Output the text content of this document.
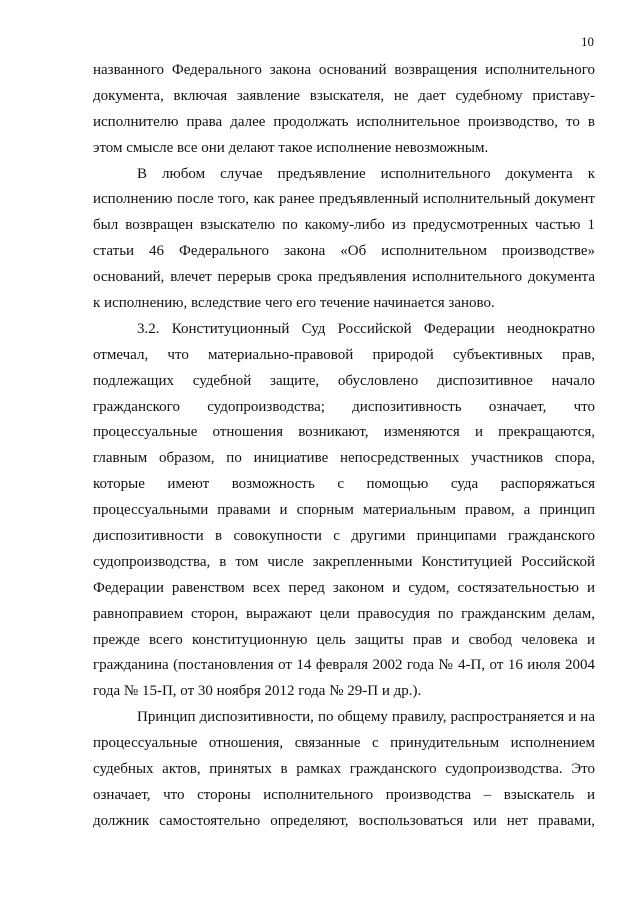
10
названного Федерального закона оснований возвращения исполнительного
документа, включая заявление взыскателя, не дает судебному приставу-
исполнителю права далее продолжать исполнительное производство, то в
этом смысле все они делают такое исполнение невозможным.
В любом случае предъявление исполнительного документа к
исполнению после того, как ранее предъявленный исполнительный документ
был возвращен взыскателю по какому-либо из предусмотренных частью 1
статьи 46 Федерального закона «Об исполнительном производстве»
оснований, влечет перерыв срока предъявления исполнительного документа
к исполнению, вследствие чего его течение начинается заново.
3.2. Конституционный Суд Российской Федерации неоднократно
отмечал, что материально-правовой природой субъективных прав,
подлежащих судебной защите, обусловлено диспозитивное начало
гражданского судопроизводства; диспозитивность означает, что
процессуальные отношения возникают, изменяются и прекращаются,
главным образом, по инициативе непосредственных участников спора,
которые имеют возможность с помощью суда распоряжаться
процессуальными правами и спорным материальным правом, а принцип
диспозитивности в совокупности с другими принципами гражданского
судопроизводства, в том числе закрепленными Конституцией Российской
Федерации равенством всех перед законом и судом, состязательностью и
равноправием сторон, выражают цели правосудия по гражданским делам,
прежде всего конституционную цель защиты прав и свобод человека и
гражданина (постановления от 14 февраля 2002 года № 4-П, от 16 июля 2004
года № 15-П, от 30 ноября 2012 года № 29-П и др.).
Принцип диспозитивности, по общему правилу, распространяется и на
процессуальные отношения, связанные с принудительным исполнением
судебных актов, принятых в рамках гражданского судопроизводства. Это
означает, что стороны исполнительного производства – взыскатель и
должник самостоятельно определяют, воспользоваться или нет правами,
